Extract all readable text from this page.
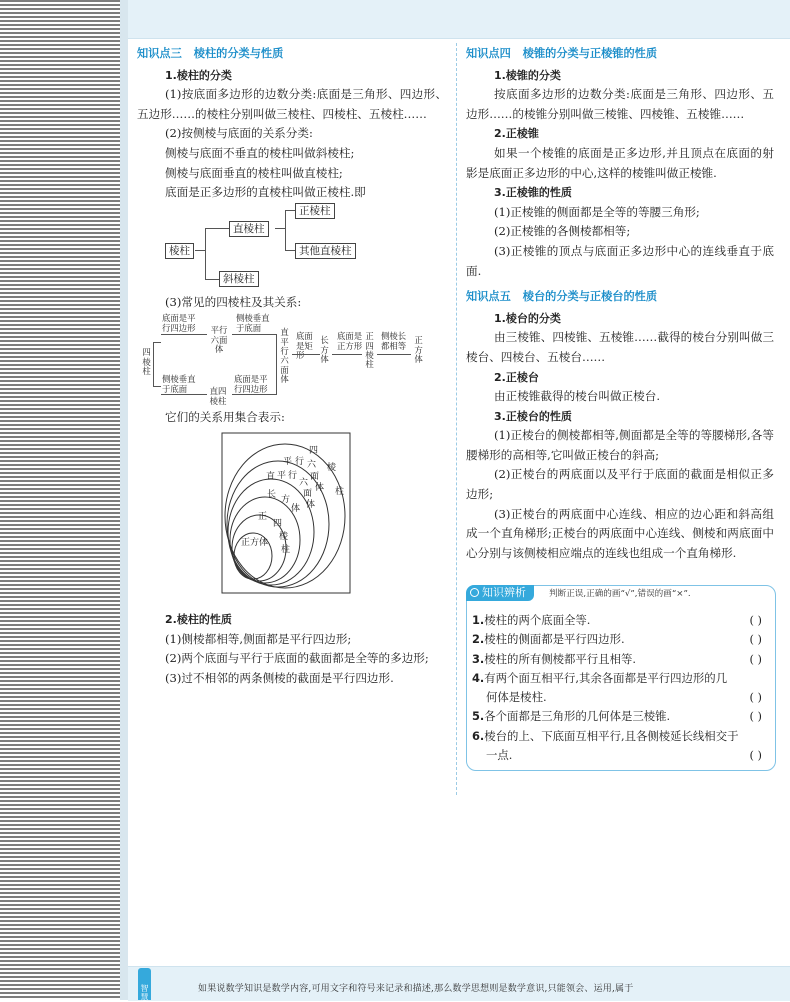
知识点三 棱柱的分类与性质
1.棱柱的分类

(1)按底面多边形的边数分类:底面是三角形、四边形、五边形……的棱柱分别叫做三棱柱、四棱柱、五棱柱……

(2)按侧棱与底面的关系分类:

侧棱与底面不垂直的棱柱叫做斜棱柱;

侧棱与底面垂直的棱柱叫做直棱柱;

底面是正多边形的直棱柱叫做正棱柱.即

棱柱
直棱柱
正棱柱
其他直棱柱
斜棱柱

(3)常见的四棱柱及其关系:

四棱柱
底面是平行四边形	平行六面体
侧棱垂直于底面
侧棱垂直于底面	直四棱柱
底面是平行四边形
直平行六面体
底面是矩
长方体
底面是正方形
正四棱柱
侧棱长都相等
正方体

它们的关系用集合表示:

四
棱
柱
平 行 六
面
体
直 平 行
六
面
体
长 方
体
正
四
棱
柱
正方体
2.棱柱的性质

(1)侧棱都相等,侧面都是平行四边形;

(2)两个底面与平行于底面的截面都是全等的多边形;

(3)过不相邻的两条侧棱的截面是平行四边形.

知识点四 棱锥的分类与正棱锥的性质
1.棱锥的分类

按底面多边形的边数分类:底面是三角形、四边形、五边形……的棱锥分别叫做三棱锥、四棱锥、五棱锥……

2.正棱锥

如果一个棱锥的底面是正多边形,并且顶点在底面的射影是底面正多边形的中心,这样的棱锥叫做正棱锥.

3.正棱锥的性质

(1)正棱锥的侧面都是全等的等腰三角形;

(2)正棱锥的各侧棱都相等;

(3)正棱锥的顶点与底面正多边形中心的连线垂直于底面.

知识点五 棱台的分类与正棱台的性质
1.棱台的分类

由三棱锥、四棱锥、五棱锥……截得的棱台分别叫做三棱台、四棱台、五棱台……

2.正棱台

由正棱锥截得的棱台叫做正棱台.

3.正棱台的性质

(1)正棱台的侧棱都相等,侧面都是全等的等腰梯形,各等腰梯形的高相等,它叫做正棱台的斜高;

(2)正棱台的两底面以及平行于底面的截面是相似正多边形;

(3)正棱台的两底面中心连线、相应的边心距和斜高组成一个直角梯形;正棱台的两底面中心连线、侧棱和两底面中心分别与该侧棱相应端点的连线也组成一个直角梯形.

知识辨析	判断正误,正确的画“√”,错误的画“×”.
1.棱柱的两个底面全等.	( )
2.棱柱的侧面都是平行四边形.	( )
3.棱柱的所有侧棱都平行且相等.	( )
4.有两个面互相平行,其余各面都是平行四边形的几
何体是棱柱.	( )
5.各个面都是三角形的几何体是三棱锥.	( )
6.棱台的上、下底面互相平行,且各侧棱延长线相交于
一点.	( )
智慧
如果说数学知识是数学内容,可用文字和符号来记录和描述,那么数学思想则是数学意识,只能领会、运用,属于
